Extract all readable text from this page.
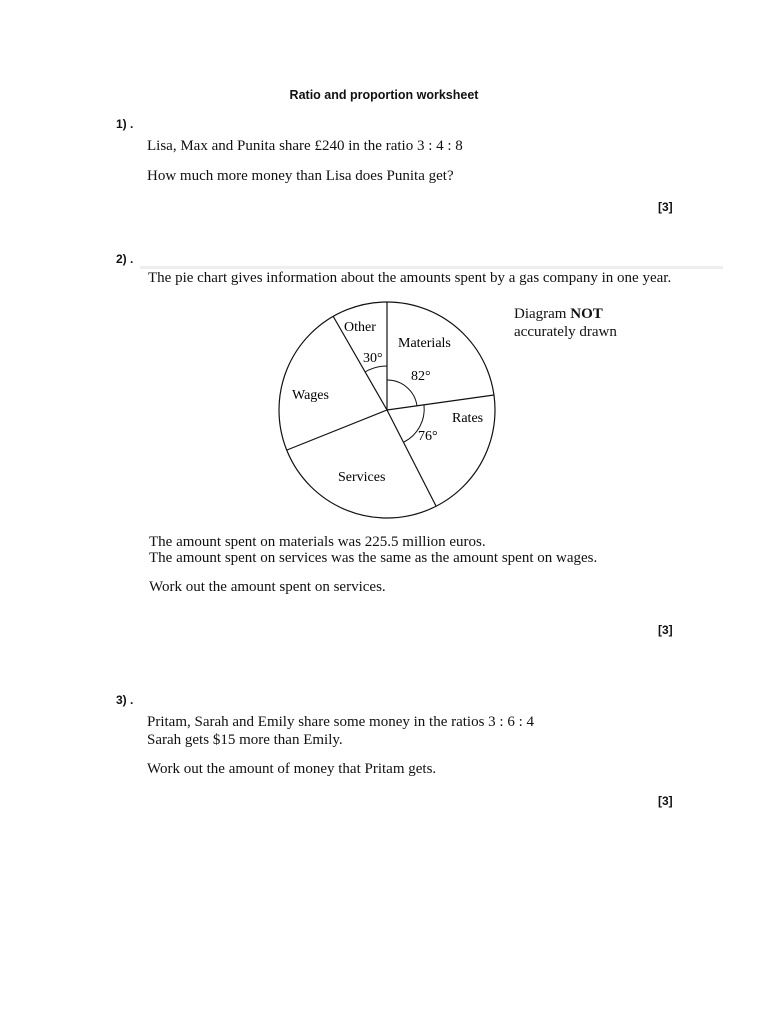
Ratio and proportion worksheet
1) .
Lisa, Max and Punita share £240 in the ratio 3 : 4 : 8
How much more money than Lisa does Punita get?
[3]
2) .
The pie chart gives information about the amounts spent by a gas company in one year.
Diagram NOT
accurately drawn
Other
Materials
Wages
Rates
Services
30°
82°
76°
The amount spent on materials was 225.5 million euros.
The amount spent on services was the same as the amount spent on wages.
Work out the amount spent on services.
[3]
3) .
Pritam, Sarah and Emily share some money in the ratios 3 : 6 : 4
Sarah gets $15 more than Emily.
Work out the amount of money that Pritam gets.
[3]
